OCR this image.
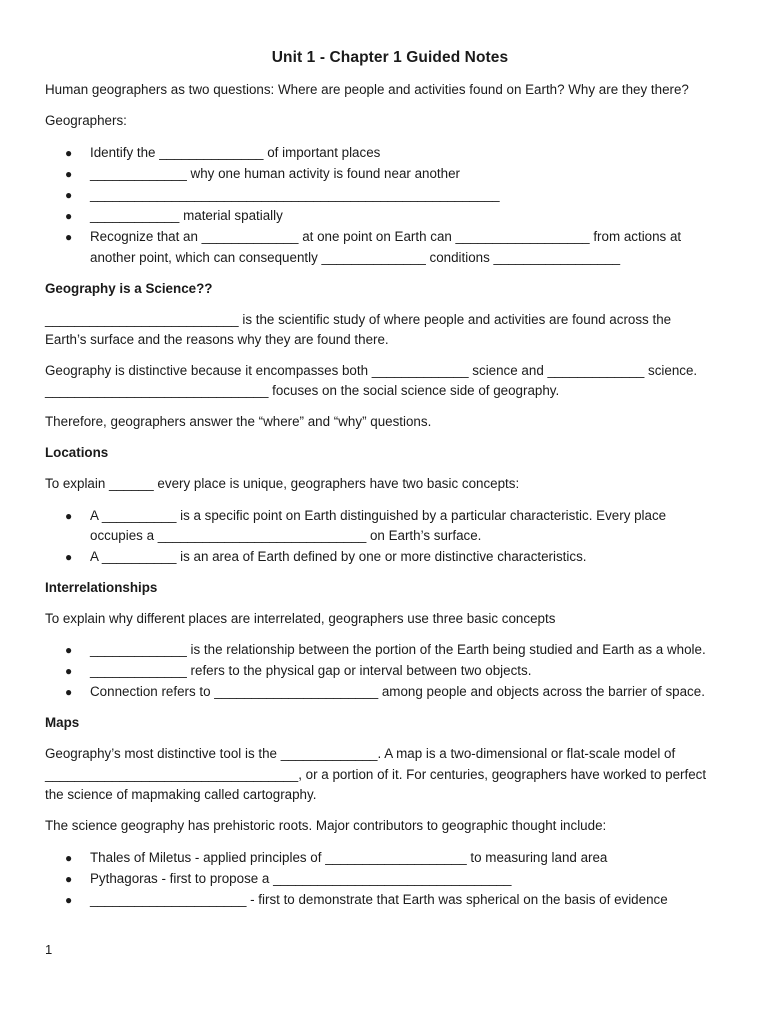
Unit 1 - Chapter 1 Guided Notes

Human geographers as two questions: Where are people and activities found on Earth? Why are they there?

Geographers:

● Identify the ______________ of important places
● _____________ why one human activity is found near another
● _______________________________________________________
● ____________ material spatially
● Recognize that an _____________ at one point on Earth can __________________ from actions at
another point, which can consequently ______________ conditions _________________

Geography is a Science??

__________________________ is the scientific study of where people and activities are found across the

Earth’s surface and the reasons why they are found there.

Geography is distinctive because it encompasses both _____________ science and _____________ science.

______________________________ focuses on the social science side of geography.

Therefore, geographers answer the “where” and “why” questions.

Locations

To explain ______ every place is unique, geographers have two basic concepts:

● A __________ is a specific point on Earth distinguished by a particular characteristic. Every place
occupies a ____________________________ on Earth’s surface.
● A __________ is an area of Earth defined by one or more distinctive characteristics.

Interrelationships

To explain why different places are interrelated, geographers use three basic concepts

● _____________ is the relationship between the portion of the Earth being studied and Earth as a whole.
● _____________ refers to the physical gap or interval between two objects.
● Connection refers to ______________________ among people and objects across the barrier of space.

Maps

Geography’s most distinctive tool is the _____________. A map is a two-dimensional or flat-scale model of

__________________________________, or a portion of it. For centuries, geographers have worked to perfect

the science of mapmaking called cartography.

The science geography has prehistoric roots. Major contributors to geographic thought include:

● Thales of Miletus - applied principles of ___________________ to measuring land area
● Pythagoras - first to propose a ________________________________
● _____________________ - first to demonstrate that Earth was spherical on the basis of evidence
1
